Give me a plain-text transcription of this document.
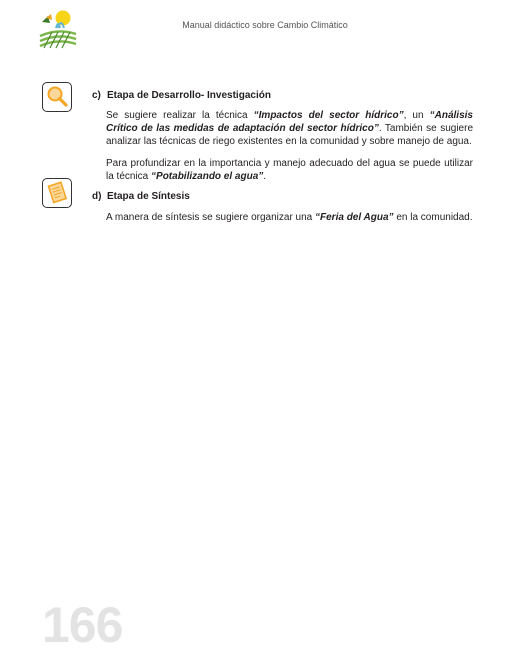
Manual didáctico sobre Cambio Climático
c) Etapa de Desarrollo- Investigación
Se sugiere realizar la técnica “Impactos del sector hídrico”, un “Análisis Crítico de las medidas de adaptación del sector hídrico”. También se sugiere analizar las técnicas de riego existentes en la comunidad y sobre manejo de agua.
Para profundizar en la importancia y manejo adecuado del agua se puede utilizar la técnica “Potabilizando el agua”.
d) Etapa de Síntesis
A manera de síntesis se sugiere organizar una “Feria del Agua” en la comunidad.
166
